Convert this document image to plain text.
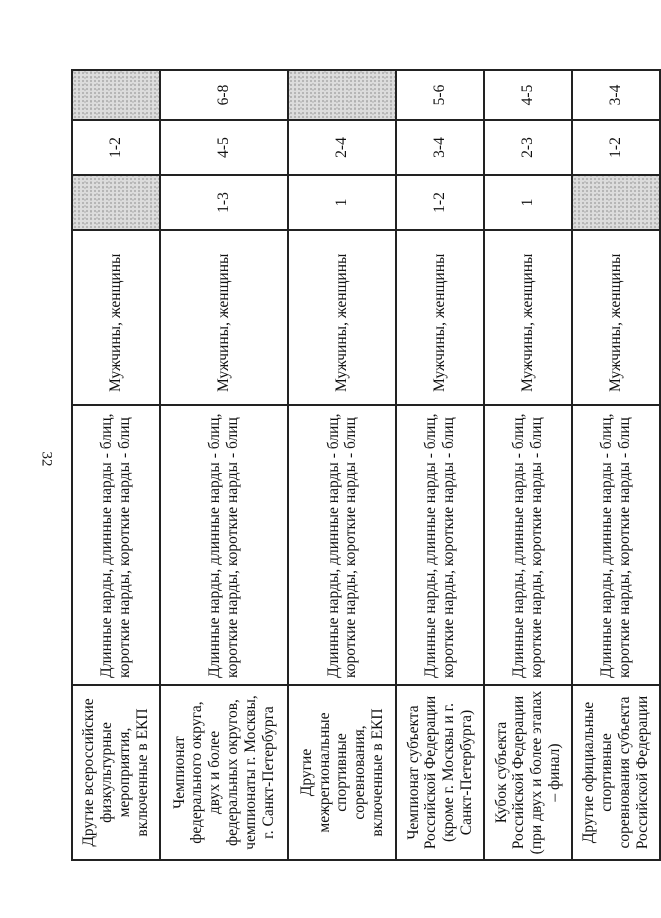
32
Другие всероссийские физкультурные мероприятия, включенные в ЕКП	Длинные нарды, длинные нарды - блиц, короткие нарды, короткие нарды - блиц	Мужчины, женщины		1-2	
Чемпионат федерального округа, двух и более федеральных округов, чемпионаты г. Москвы, г. Санкт-Петербурга	Длинные нарды, длинные нарды - блиц, короткие нарды, короткие нарды - блиц	Мужчины, женщины	1-3	4-5	6-8
Другие межрегиональные спортивные соревнования, включенные в ЕКП	Длинные нарды, длинные нарды - блиц, короткие нарды, короткие нарды - блиц	Мужчины, женщины	1	2-4	
Чемпионат субъекта Российской Федерации (кроме г. Москвы и г. Санкт-Петербурга)	Длинные нарды, длинные нарды - блиц, короткие нарды, короткие нарды - блиц	Мужчины, женщины	1-2	3-4	5-6
Кубок субъекта Российской Федерации (при двух и более этапах – финал)	Длинные нарды, длинные нарды - блиц, короткие нарды, короткие нарды - блиц	Мужчины, женщины	1	2-3	4-5
Другие официальные спортивные соревнования субъекта Российской Федерации	Длинные нарды, длинные нарды - блиц, короткие нарды, короткие нарды - блиц	Мужчины, женщины		1-2	3-4
